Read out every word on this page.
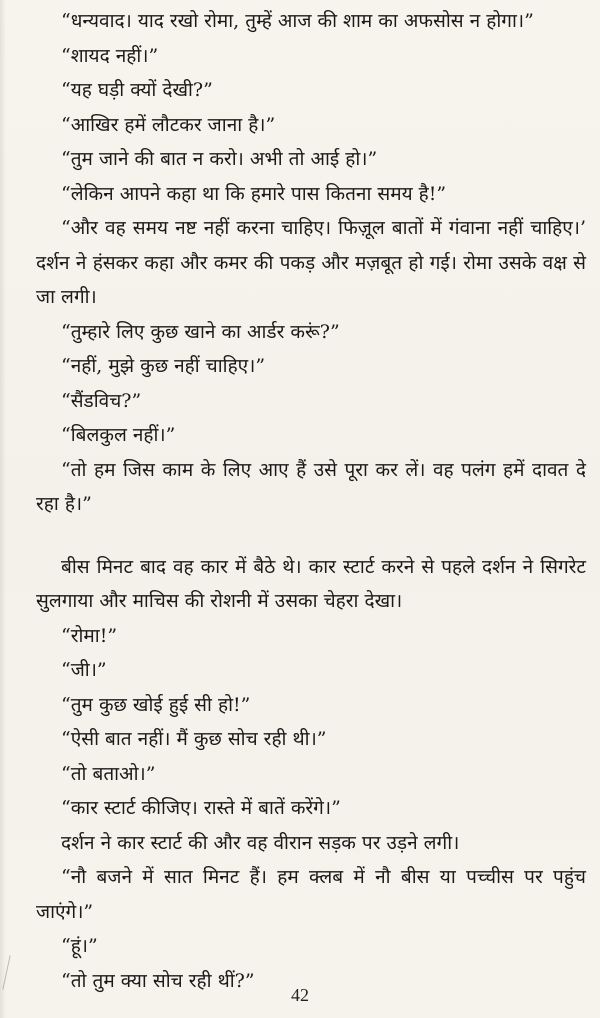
“धन्यवाद। याद रखो रोमा, तुम्हें आज की शाम का अफसोस न होगा।”

“शायद नहीं।”

“यह घड़ी क्यों देखी?”

“आखिर हमें लौटकर जाना है।”

“तुम जाने की बात न करो। अभी तो आई हो।”

“लेकिन आपने कहा था कि हमारे पास कितना समय है!”

“और वह समय नष्ट नहीं करना चाहिए। फिज़ूल बातों में गंवाना नहीं चाहिए।’ दर्शन ने हंसकर कहा और कमर की पकड़ और मज़बूत हो गई। रोमा उसके वक्ष से जा लगी।

“तुम्हारे लिए कुछ खाने का आर्डर करूं?”

“नहीं, मुझे कुछ नहीं चाहिए।”

“सैंडविच?”

“बिलकुल नहीं।”

“तो हम जिस काम के लिए आए हैं उसे पूरा कर लें। वह पलंग हमें दावत दे रहा है।”

बीस मिनट बाद वह कार में बैठे थे। कार स्टार्ट करने से पहले दर्शन ने सिगरेट सुलगाया और माचिस की रोशनी में उसका चेहरा देखा।

“रोमा!”

“जी।”

“तुम कुछ खोई हुई सी हो!”

“ऐसी बात नहीं। मैं कुछ सोच रही थी।”

“तो बताओ।”

“कार स्टार्ट कीजिए। रास्ते में बातें करेंगे।”

दर्शन ने कार स्टार्ट की और वह वीरान सड़क पर उड़ने लगी।

“नौ बजने में सात मिनट हैं। हम क्लब में नौ बीस या पच्चीस पर पहुंच जाएंगे।”

“हूं।”

“तो तुम क्या सोच रही थीं?”

42
